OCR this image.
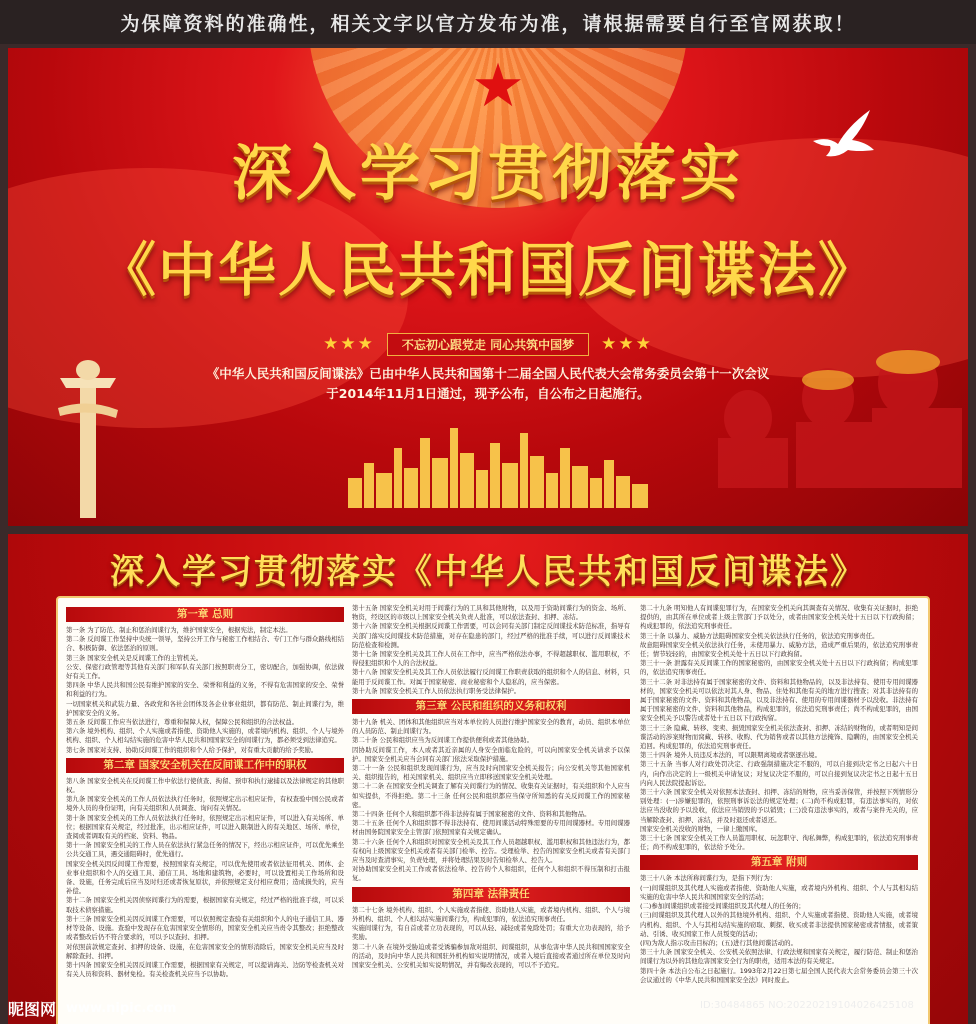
为保障资料的准确性，相关文字以官方发布为准，请根据需要自行至官网获取！
★
深入学习贯彻落实
《中华人民共和国反间谍法》
★★★	不忘初心跟党走 同心共筑中国梦	★★★
《中华人民共和国反间谍法》已由中华人民共和国第十二届全国人民代表大会常务委员会第十一次会议
于2014年11月1日通过，现予公布，自公布之日起施行。
深入学习贯彻落实《中华人民共和国反间谍法》
第一章 总则

第一条 为了防范、制止和惩治间谍行为，维护国家安全，根据宪法，制定本法。

第二条 反间谍工作坚持中央统一领导，坚持公开工作与秘密工作相结合、专门工作与群众路线相结合、积极防御、依法惩治的原则。

第三条 国家安全机关是反间谍工作的主管机关。

公安、保密行政管理等其他有关部门和军队有关部门按照职责分工，密切配合，加强协调，依法做好有关工作。

第四条 中华人民共和国公民有维护国家的安全、荣誉和利益的义务，不得有危害国家的安全、荣誉和利益的行为。

一切国家机关和武装力量、各政党和各社会团体及各企业事业组织，都有防范、制止间谍行为，维护国家安全的义务。

第五条 反间谍工作应当依法进行，尊重和保障人权，保障公民和组织的合法权益。

第六条 境外机构、组织、个人实施或者指使、资助他人实施的，或者境内机构、组织、个人与境外机构、组织、个人相勾结实施的危害中华人民共和国国家安全的间谍行为，都必须受到法律追究。

第七条 国家对支持、协助反间谍工作的组织和个人给予保护，对有重大贡献的给予奖励。

第二章 国家安全机关在反间谍工作中的职权

第八条 国家安全机关在反间谍工作中依法行使侦查、拘留、预审和执行逮捕以及法律规定的其他职权。

第九条 国家安全机关的工作人员依法执行任务时，依照规定出示相应证件，有权查验中国公民或者境外人员的身份证明，向有关组织和人员调查、询问有关情况。

第十条 国家安全机关的工作人员依法执行任务时，依照规定出示相应证件，可以进入有关场所、单位；根据国家有关规定，经过批准，出示相应证件，可以进入限制进入的有关地区、场所、单位，查阅或者调取有关的档案、资料、物品。

第十一条 国家安全机关的工作人员在依法执行紧急任务的情况下，经出示相应证件，可以优先乘坐公共交通工具，遇交通阻碍时，优先通行。

国家安全机关因反间谍工作需要，按照国家有关规定，可以优先使用或者依法征用机关、团体、企业事业组织和个人的交通工具、通信工具、场地和建筑物，必要时，可以设置相关工作场所和设备、设施，任务完成后应当及时归还或者恢复原状，并依照规定支付相应费用；造成损失的，应当补偿。

第十二条 国家安全机关因侦察间谍行为的需要，根据国家有关规定，经过严格的批准手续，可以采取技术侦察措施。

第十三条 国家安全机关因反间谍工作需要，可以依照规定查验有关组织和个人的电子通信工具、器材等设备、设施。查验中发现存在危害国家安全情形的，国家安全机关应当责令其整改；拒绝整改或者整改后仍不符合要求的，可以予以查封、扣押。

对依照前款规定查封、扣押的设备、设施，在危害国家安全的情形消除后，国家安全机关应当及时解除查封、扣押。

第十四条 国家安全机关因反间谍工作需要，根据国家有关规定，可以提请海关、边防等检查机关对有关人员和资料、器材免检。有关检查机关应当予以协助。

第十五条 国家安全机关对用于间谍行为的工具和其他财物，以及用于资助间谍行为的资金、场所、物资，经设区的市级以上国家安全机关负责人批准，可以依法查封、扣押、冻结。

第十六条 国家安全机关根据反间谍工作需要，可以会同有关部门制定反间谍技术防范标准，指导有关部门落实反间谍技术防范措施，对存在隐患的部门，经过严格的批准手续，可以进行反间谍技术防范检查和检测。

第十七条 国家安全机关及其工作人员在工作中，应当严格依法办事，不得超越职权、滥用职权，不得侵犯组织和个人的合法权益。

第十八条 国家安全机关及其工作人员依法履行反间谍工作职责获取的组织和个人的信息、材料，只能用于反间谍工作。对属于国家秘密、商业秘密和个人隐私的，应当保密。

第十九条 国家安全机关工作人员依法执行职务受法律保护。

第三章 公民和组织的义务和权利

第十九条 机关、团体和其他组织应当对本单位的人员进行维护国家安全的教育，动员、组织本单位的人员防范、制止间谍行为。

第二十条 公民和组织应当为反间谍工作提供便利或者其他协助。

因协助反间谍工作，本人或者其近亲属的人身安全面临危险的，可以向国家安全机关请求予以保护。国家安全机关应当会同有关部门依法采取保护措施。

第二十一条 公民和组织发现间谍行为，应当及时向国家安全机关报告；向公安机关等其他国家机关、组织报告的，相关国家机关、组织应当立即移送国家安全机关处理。

第二十二条 在国家安全机关调查了解有关间谍行为的情况、收集有关证据时，有关组织和个人应当如实提供，不得拒绝。第二十三条 任何公民和组织都应当保守所知悉的有关反间谍工作的国家秘密。

第二十四条 任何个人和组织都不得非法持有属于国家秘密的文件、资料和其他物品。

第二十五条 任何个人和组织都不得非法持有、使用间谍活动特殊需要的专用间谍器材。专用间谍器材由国务院国家安全主管部门依照国家有关规定确认。

第二十六条 任何个人和组织对国家安全机关及其工作人员超越职权、滥用职权和其他违法行为，都有权向上级国家安全机关或者有关部门检举、控告。受理检举、控告的国家安全机关或者有关部门应当及时查清事实，负责处理，并将处理结果及时告知检举人、控告人。

对协助国家安全机关工作或者依法检举、控告的个人和组织，任何个人和组织不得压制和打击报复。

第四章 法律责任

第二十七条 境外机构、组织、个人实施或者指使、资助他人实施，或者境内机构、组织、个人与境外机构、组织、个人相勾结实施间谍行为，构成犯罪的，依法追究刑事责任。

实施间谍行为，有自首或者立功表现的，可以从轻、减轻或者免除处罚；有重大立功表现的，给予奖励。

第二十八条 在境外受胁迫或者受诱骗参加敌对组织、间谍组织，从事危害中华人民共和国国家安全的活动，及时向中华人民共和国驻外机构如实说明情况，或者入境后直接或者通过所在单位及时向国家安全机关、公安机关如实说明情况，并有悔改表现的，可以不予追究。

第二十九条 明知他人有间谍犯罪行为，在国家安全机关向其调查有关情况、收集有关证据时，拒绝提供的，由其所在单位或者上级主管部门予以处分，或者由国家安全机关处十五日以下行政拘留；构成犯罪的，依法追究刑事责任。

第三十条 以暴力、威胁方法阻碍国家安全机关依法执行任务的，依法追究刑事责任。

故意阻碍国家安全机关依法执行任务，未使用暴力、威胁方法，造成严重后果的，依法追究刑事责任；情节较轻的，由国家安全机关处十五日以下行政拘留。

第三十一条 泄露有关反间谍工作的国家秘密的，由国家安全机关处十五日以下行政拘留；构成犯罪的，依法追究刑事责任。

第三十二条 对非法持有属于国家秘密的文件、资料和其他物品的，以及非法持有、使用专用间谍器材的，国家安全机关可以依法对其人身、物品、住处和其他有关的地方进行搜查；对其非法持有的属于国家秘密的文件、资料和其他物品，以及非法持有、使用的专用间谍器材予以没收。非法持有属于国家秘密的文件、资料和其他物品，构成犯罪的，依法追究刑事责任；尚不构成犯罪的，由国家安全机关予以警告或者处十五日以下行政拘留。

第三十三条 隐藏、转移、变卖、损毁国家安全机关依法查封、扣押、冻结的财物的，或者明知是间谍活动的涉案财物而窝藏、转移、收购、代为销售或者以其他方法掩饰、隐瞒的，由国家安全机关追回。构成犯罪的，依法追究刑事责任。

第三十四条 境外人员违反本法的，可以限期离境或者驱逐出境。

第三十五条 当事人对行政处罚决定、行政强制措施决定不服的，可以自接到决定书之日起六十日内，向作出决定的上一级机关申请复议；对复议决定不服的，可以自接到复议决定书之日起十五日内向人民法院提起诉讼。

第三十六条 国家安全机关对依照本法查封、扣押、冻结的财物，应当妥善保管，并按照下列情形分别处理：(一)涉嫌犯罪的，依照刑事诉讼法的规定处理；(二)尚不构成犯罪，有违法事实的，对依法应当没收的予以没收，依法应当销毁的予以销毁；(三)没有违法事实的，或者与案件无关的，应当解除查封、扣押、冻结，并及时退还或者返还。

国家安全机关没收的财物，一律上缴国库。

第三十七条 国家安全机关工作人员滥用职权、玩忽职守、徇私舞弊，构成犯罪的，依法追究刑事责任；尚不构成犯罪的，依法给予处分。

第五章 附则

第三十八条 本法所称间谍行为，是指下列行为：

(一)间谍组织及其代理人实施或者指使、资助他人实施，或者境内外机构、组织、个人与其相勾结实施的危害中华人民共和国国家安全的活动；

(二)参加间谍组织或者接受间谍组织及其代理人的任务的；

(三)间谍组织及其代理人以外的其他境外机构、组织、个人实施或者指使、资助他人实施，或者境内机构、组织、个人与其相勾结实施的窃取、刺探、收买或者非法提供国家秘密或者情报，或者策动、引诱、收买国家工作人员叛变的活动；

(四)为敌人指示攻击目标的；(五)进行其他间谍活动的。

第三十九条 国家安全机关、公安机关依照法律、行政法规和国家有关规定，履行防范、制止和惩治间谍行为以外的其他危害国家安全行为的职责，适用本法的有关规定。

第四十条 本法自公布之日起施行。1993年2月22日第七届全国人民代表大会常务委员会第三十次会议通过的《中华人民共和国国家安全法》同时废止。

昵图网 www.nipic.com	ID:30484865 NO:20220219104026425108
